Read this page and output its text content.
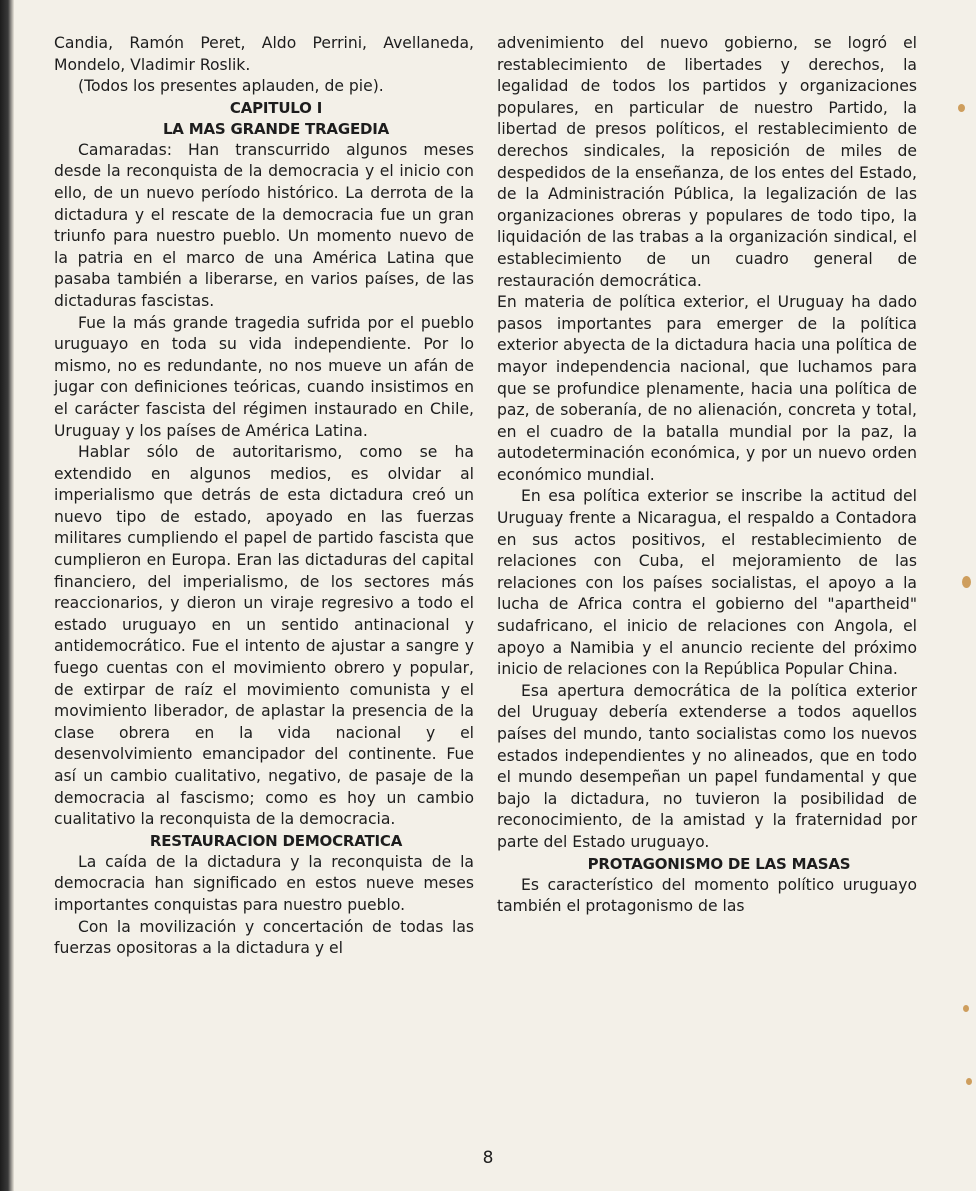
Candia, Ramón Peret, Aldo Perrini, Avellaneda, Mondelo, Vladimir Roslik.

(Todos los presentes aplauden, de pie).

CAPITULO I

LA MAS GRANDE TRAGEDIA

Camaradas: Han transcurrido algunos meses desde la reconquista de la democracia y el inicio con ello, de un nuevo período histórico. La derrota de la dictadura y el rescate de la democracia fue un gran triunfo para nuestro pueblo. Un momento nuevo de la patria en el marco de una América Latina que pasaba también a liberarse, en varios países, de las dictaduras fascistas.

Fue la más grande tragedia sufrida por el pueblo uruguayo en toda su vida independiente. Por lo mismo, no es redundante, no nos mueve un afán de jugar con definiciones teóricas, cuando insistimos en el carácter fascista del régimen instaurado en Chile, Uruguay y los países de América Latina.

Hablar sólo de autoritarismo, como se ha extendido en algunos medios, es olvidar al imperialismo que detrás de esta dictadura creó un nuevo tipo de estado, apoyado en las fuerzas militares cumpliendo el papel de partido fascista que cumplieron en Europa. Eran las dictaduras del capital financiero, del imperialismo, de los sectores más reaccionarios, y dieron un viraje regresivo a todo el estado uruguayo en un sentido antinacional y antidemocrático. Fue el intento de ajustar a sangre y fuego cuentas con el movimiento obrero y popular, de extirpar de raíz el movimiento comunista y el movimiento liberador, de aplastar la presencia de la clase obrera en la vida nacional y el desenvolvimiento emancipador del continente. Fue así un cambio cualitativo, negativo, de pasaje de la democracia al fascismo; como es hoy un cambio cualitativo la reconquista de la democracia.

RESTAURACION DEMOCRATICA

La caída de la dictadura y la reconquista de la democracia han significado en estos nueve meses importantes conquistas para nuestro pueblo.

Con la movilización y concertación de todas las fuerzas opositoras a la dictadura y el

advenimiento del nuevo gobierno, se logró el restablecimiento de libertades y derechos, la legalidad de todos los partidos y organizaciones populares, en particular de nuestro Partido, la libertad de presos políticos, el restablecimiento de derechos sindicales, la reposición de miles de despedidos de la enseñanza, de los entes del Estado, de la Administración Pública, la legalización de las organizaciones obreras y populares de todo tipo, la liquidación de las trabas a la organización sindical, el establecimiento de un cuadro general de restauración democrática.

En materia de política exterior, el Uruguay ha dado pasos importantes para emerger de la política exterior abyecta de la dictadura hacia una política de mayor independencia nacional, que luchamos para que se profundice plenamente, hacia una política de paz, de soberanía, de no alienación, concreta y total, en el cuadro de la batalla mundial por la paz, la autodeterminación económica, y por un nuevo orden económico mundial.

En esa política exterior se inscribe la actitud del Uruguay frente a Nicaragua, el respaldo a Contadora en sus actos positivos, el restablecimiento de relaciones con Cuba, el mejoramiento de las relaciones con los países socialistas, el apoyo a la lucha de Africa contra el gobierno del "apartheid" sudafricano, el inicio de relaciones con Angola, el apoyo a Namibia y el anuncio reciente del próximo inicio de relaciones con la República Popular China.

Esa apertura democrática de la política exterior del Uruguay debería extenderse a todos aquellos países del mundo, tanto socialistas como los nuevos estados independientes y no alineados, que en todo el mundo desempeñan un papel fundamental y que bajo la dictadura, no tuvieron la posibilidad de reconocimiento, de la amistad y la fraternidad por parte del Estado uruguayo.

PROTAGONISMO DE LAS MASAS

Es característico del momento político uruguayo también el protagonismo de las

8
